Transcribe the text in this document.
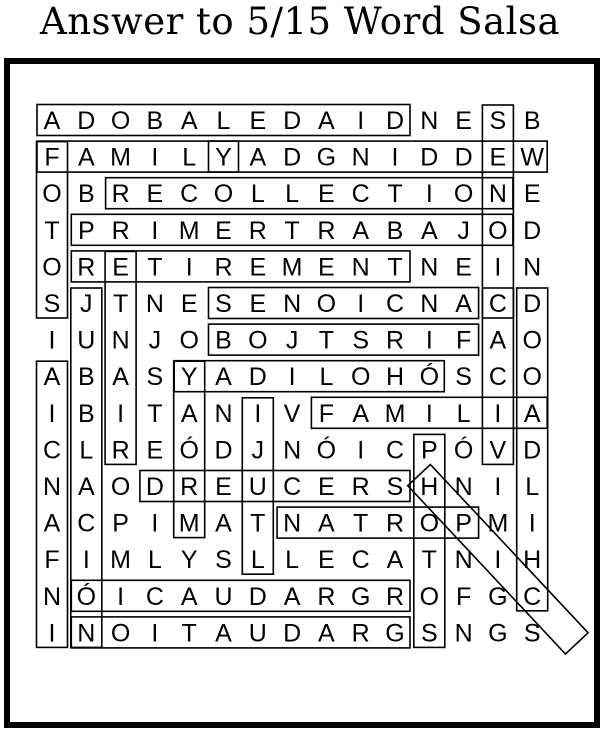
Answer to 5/15 Word Salsa
A D O B A L E D A I D N E S B
F A M I L Y A D G N I D D E W
O B R E C O L L E C T I O N E
T P R I M E R T R A B A J O D
O R E T I R E M E N T N E I N
S J T N E S E N O I C N A C D
I U N J O B O J T S R I F A O
A B A S Y A D I L O H Ó S C O
I B I T A N I V F A M I L I A
C L R E Ó D J N Ó I C P Ó V D
N A O D R E U C E R S H N I L
A C P I M A T N A T R O P M I
F I M L Y S L L E C A T N I H
N Ó I C A U D A R G R O F G C
I N O I T A U D A R G S N G S
